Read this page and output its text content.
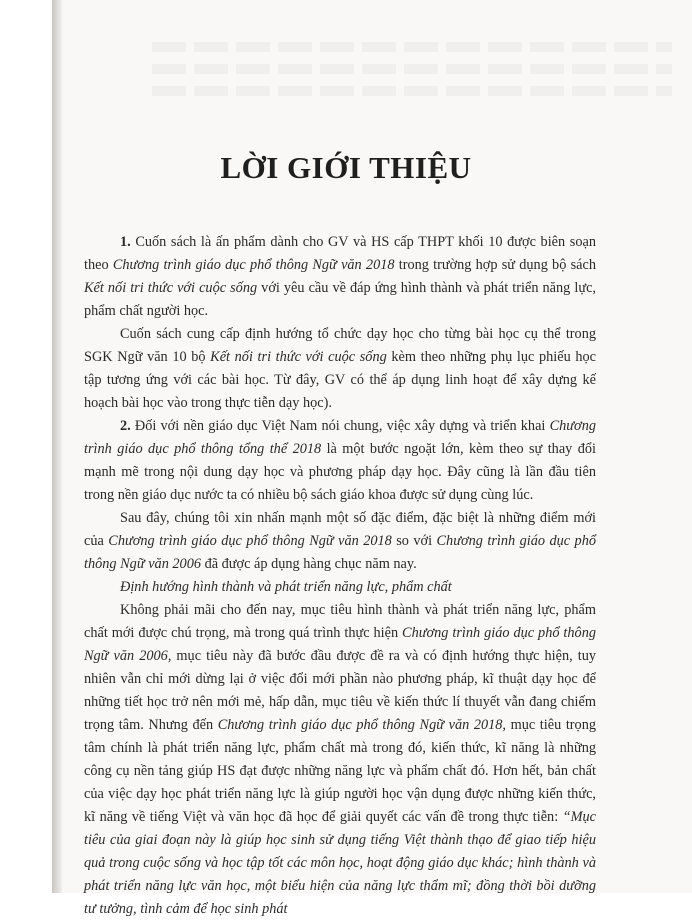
LỜI GIỚI THIỆU

1. Cuốn sách là ấn phẩm dành cho GV và HS cấp THPT khối 10 được biên soạn theo Chương trình giáo dục phổ thông Ngữ văn 2018 trong trường hợp sử dụng bộ sách Kết nối tri thức với cuộc sống với yêu cầu về đáp ứng hình thành và phát triển năng lực, phẩm chất người học.

Cuốn sách cung cấp định hướng tổ chức dạy học cho từng bài học cụ thể trong SGK Ngữ văn 10 bộ Kết nối tri thức với cuộc sống kèm theo những phụ lục phiếu học tập tương ứng với các bài học. Từ đây, GV có thể áp dụng linh hoạt để xây dựng kế hoạch bài học vào trong thực tiễn dạy học).

2. Đối với nền giáo dục Việt Nam nói chung, việc xây dựng và triển khai Chương trình giáo dục phổ thông tổng thể 2018 là một bước ngoặt lớn, kèm theo sự thay đổi mạnh mẽ trong nội dung dạy học và phương pháp dạy học. Đây cũng là lần đầu tiên trong nền giáo dục nước ta có nhiều bộ sách giáo khoa được sử dụng cùng lúc.

Sau đây, chúng tôi xin nhấn mạnh một số đặc điểm, đặc biệt là những điểm mới của Chương trình giáo dục phổ thông Ngữ văn 2018 so với Chương trình giáo dục phổ thông Ngữ văn 2006 đã được áp dụng hàng chục năm nay.

Định hướng hình thành và phát triển năng lực, phẩm chất

Không phải mãi cho đến nay, mục tiêu hình thành và phát triển năng lực, phẩm chất mới được chú trọng, mà trong quá trình thực hiện Chương trình giáo dục phổ thông Ngữ văn 2006, mục tiêu này đã bước đầu được đề ra và có định hướng thực hiện, tuy nhiên vẫn chỉ mới dừng lại ở việc đổi mới phần nào phương pháp, kĩ thuật dạy học để những tiết học trở nên mới mẻ, hấp dẫn, mục tiêu về kiến thức lí thuyết vẫn đang chiếm trọng tâm. Nhưng đến Chương trình giáo dục phổ thông Ngữ văn 2018, mục tiêu trọng tâm chính là phát triển năng lực, phẩm chất mà trong đó, kiến thức, kĩ năng là những công cụ nền tảng giúp HS đạt được những năng lực và phẩm chất đó. Hơn hết, bản chất của việc dạy học phát triển năng lực là giúp người học vận dụng được những kiến thức, kĩ năng về tiếng Việt và văn học đã học để giải quyết các vấn đề trong thực tiễn: “Mục tiêu của giai đoạn này là giúp học sinh sử dụng tiếng Việt thành thạo để giao tiếp hiệu quả trong cuộc sống và học tập tốt các môn học, hoạt động giáo dục khác; hình thành và phát triển năng lực văn học, một biểu hiện của năng lực thẩm mĩ; đồng thời bồi dưỡng tư tưởng, tình cảm để học sinh phát
